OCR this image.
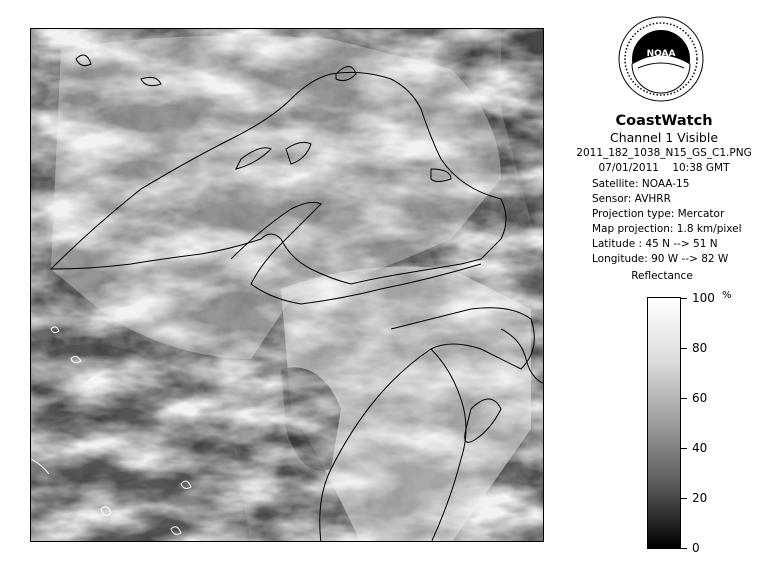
NOAA
CoastWatch
Channel 1 Visible
2011_182_1038_N15_GS_C1.PNG
07/01/2011    10:38 GMT
Satellite: NOAA-15
Sensor: AVHRR
Projection type: Mercator
Map projection: 1.8 km/pixel
Latitude : 45 N --> 51 N
Longitude: 90 W --> 82 W
Reflectance
%
100
80
60
40
20
0
